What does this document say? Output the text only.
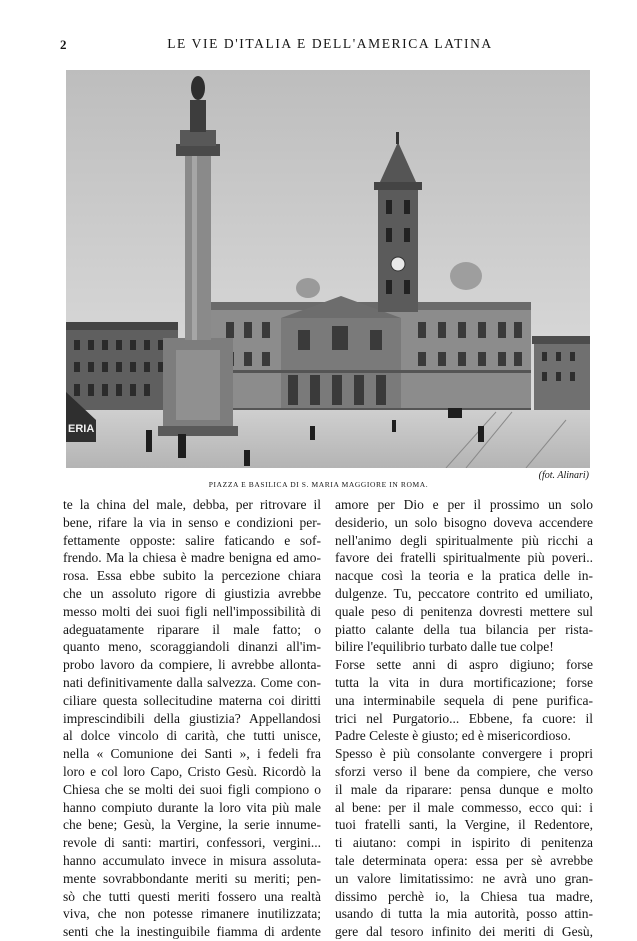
2	LE VIE D'ITALIA E DELL'AMERICA LATINA
ERIA
(fot. Alinari)
PIAZZA E BASILICA DI S. MARIA MAGGIORE IN ROMA.
te la china del male, debba, per ritrovare il
bene, rifare la via in senso e condizioni per-
fettamente opposte: salire faticando e sof-
frendo. Ma la chiesa è madre benigna ed amo-
rosa. Essa ebbe subito la percezione chiara
che un assoluto rigore di giustizia avrebbe
messo molti dei suoi figli nell'impossibilità di
adeguatamente riparare il male fatto; o
quanto meno, scoraggiandoli dinanzi all'im-
probo lavoro da compiere, li avrebbe allonta-
nati definitivamente dalla salvezza. Come con-
ciliare questa sollecitudine materna coi diritti
imprescindibili della giustizia? Appellandosi
al dolce vincolo di carità, che tutti unisce,
nella « Comunione dei Santi », i fedeli fra
loro e col loro Capo, Cristo Gesù. Ricordò la
Chiesa che se molti dei suoi figli compiono o
hanno compiuto durante la loro vita più male
che bene; Gesù, la Vergine, la serie innume-
revole di santi: martiri, confessori, vergini...
hanno accumulato invece in misura assoluta-
mente sovrabbondante meriti su meriti; pen-
sò che tutti questi meriti fossero una realtà
viva, che non potesse rimanere inutilizzata;
senti che la inestinguibile fiamma di ardente
amore per Dio e per il prossimo un solo
desiderio, un solo bisogno doveva accendere
nell'animo degli spiritualmente più ricchi a
favore dei fratelli spiritualmente più poveri..
nacque così la teoria e la pratica delle in-
dulgenze. Tu, peccatore contrito ed umiliato,
quale peso di penitenza dovresti mettere sul
piatto calante della tua bilancia per rista-
bilire l'equilibrio turbato dalle tue colpe!
Forse sette anni di aspro digiuno; forse
tutta la vita in dura mortificazione; forse
una interminabile sequela di pene purifica-
trici nel Purgatorio... Ebbene, fa cuore: il
Padre Celeste è giusto; ed è misericordioso.
Spesso è più consolante convergere i propri
sforzi verso il bene da compiere, che verso
il male da riparare: pensa dunque e molto
al bene: per il male commesso, ecco qui: i
tuoi fratelli santi, la Vergine, il Redentore,
ti aiutano: compi in ispirito di penitenza
tale determinata opera: essa per sè avrebbe
un valore limitatissimo: ne avrà uno gran-
dissimo perchè io, la Chiesa tua madre,
usando di tutta la mia autorità, posso attin-
gere dal tesoro infinito dei meriti di Gesù,
